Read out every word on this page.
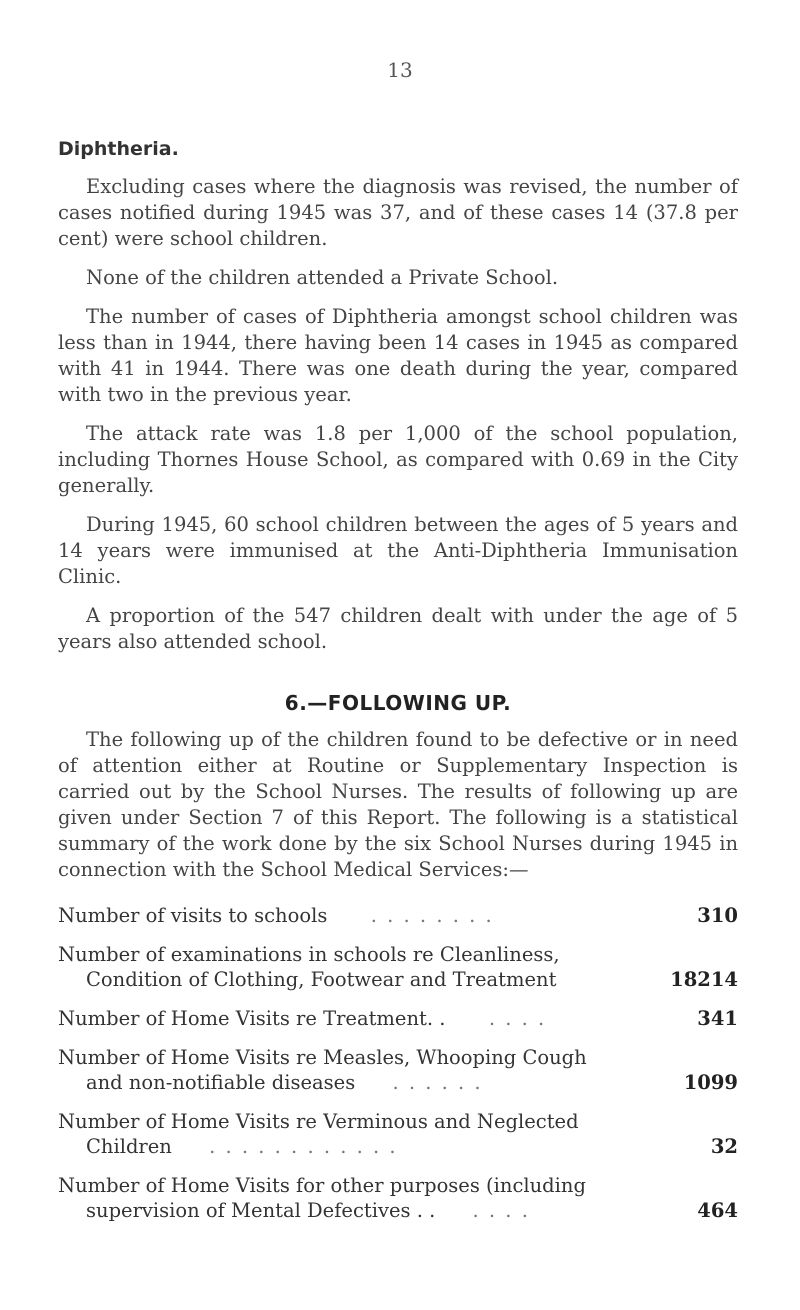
13
Diphtheria.

Excluding cases where the diagnosis was revised, the number of cases notified during 1945 was 37, and of these cases 14 (37.8 per cent) were school children.

None of the children attended a Private School.

The number of cases of Diphtheria amongst school children was less than in 1944, there having been 14 cases in 1945 as compared with 41 in 1944. There was one death during the year, compared with two in the previous year.

The attack rate was 1.8 per 1,000 of the school population, including Thornes House School, as compared with 0.69 in the City generally.

During 1945, 60 school children between the ages of 5 years and 14 years were immunised at the Anti-Diphtheria Immunisation Clinic.

A proportion of the 547 children dealt with under the age of 5 years also attended school.

6.—FOLLOWING UP.

The following up of the children found to be defective or in need of attention either at Routine or Supplementary Inspection is carried out by the School Nurses. The results of following up are given under Section 7 of this Report. The following is a statistical summary of the work done by the six School Nurses during 1945 in connection with the School Medical Services:—

Number of visits to schools . . . . . . . .	310
Number of examinations in schools re Cleanliness,
Condition of Clothing, Footwear and Treatment	18214
Number of Home Visits re Treatment. . . . . .	341
Number of Home Visits re Measles, Whooping Cough
and non-notifiable diseases . . . . . .	1099
Number of Home Visits re Verminous and Neglected
Children . . . . . . . . . . . .	32
Number of Home Visits for other purposes (including
supervision of Mental Defectives . . . . . .	464
